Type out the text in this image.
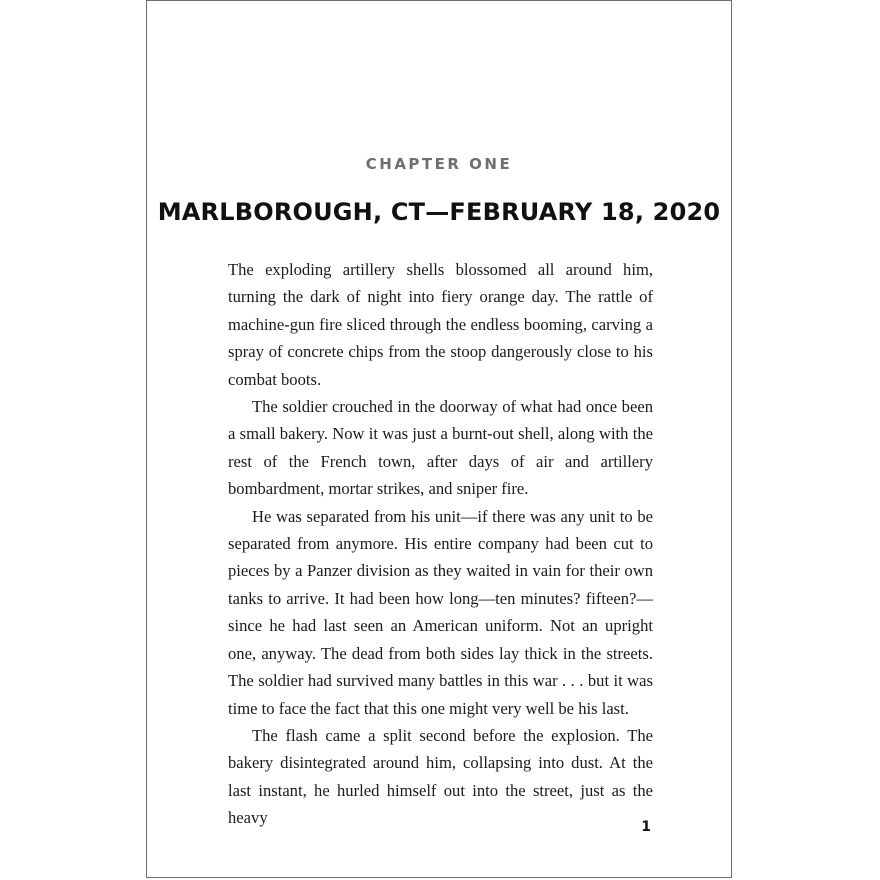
CHAPTER ONE
MARLBOROUGH, CT—FEBRUARY 18, 2020

The exploding artillery shells blossomed all around him, turning the dark of night into fiery orange day. The rattle of machine-gun fire sliced through the endless booming, carving a spray of concrete chips from the stoop dangerously close to his combat boots.

The soldier crouched in the doorway of what had once been a small bakery. Now it was just a burnt-out shell, along with the rest of the French town, after days of air and artillery bombardment, mortar strikes, and sniper fire.

He was separated from his unit—if there was any unit to be separated from anymore. His entire company had been cut to pieces by a Panzer division as they waited in vain for their own tanks to arrive. It had been how long—ten minutes? fifteen?—since he had last seen an American uniform. Not an upright one, anyway. The dead from both sides lay thick in the streets. The soldier had survived many battles in this war . . . but it was time to face the fact that this one might very well be his last.

The flash came a split second before the explosion. The bakery disintegrated around him, collapsing into dust. At the last instant, he hurled himself out into the street, just as the heavy	1
